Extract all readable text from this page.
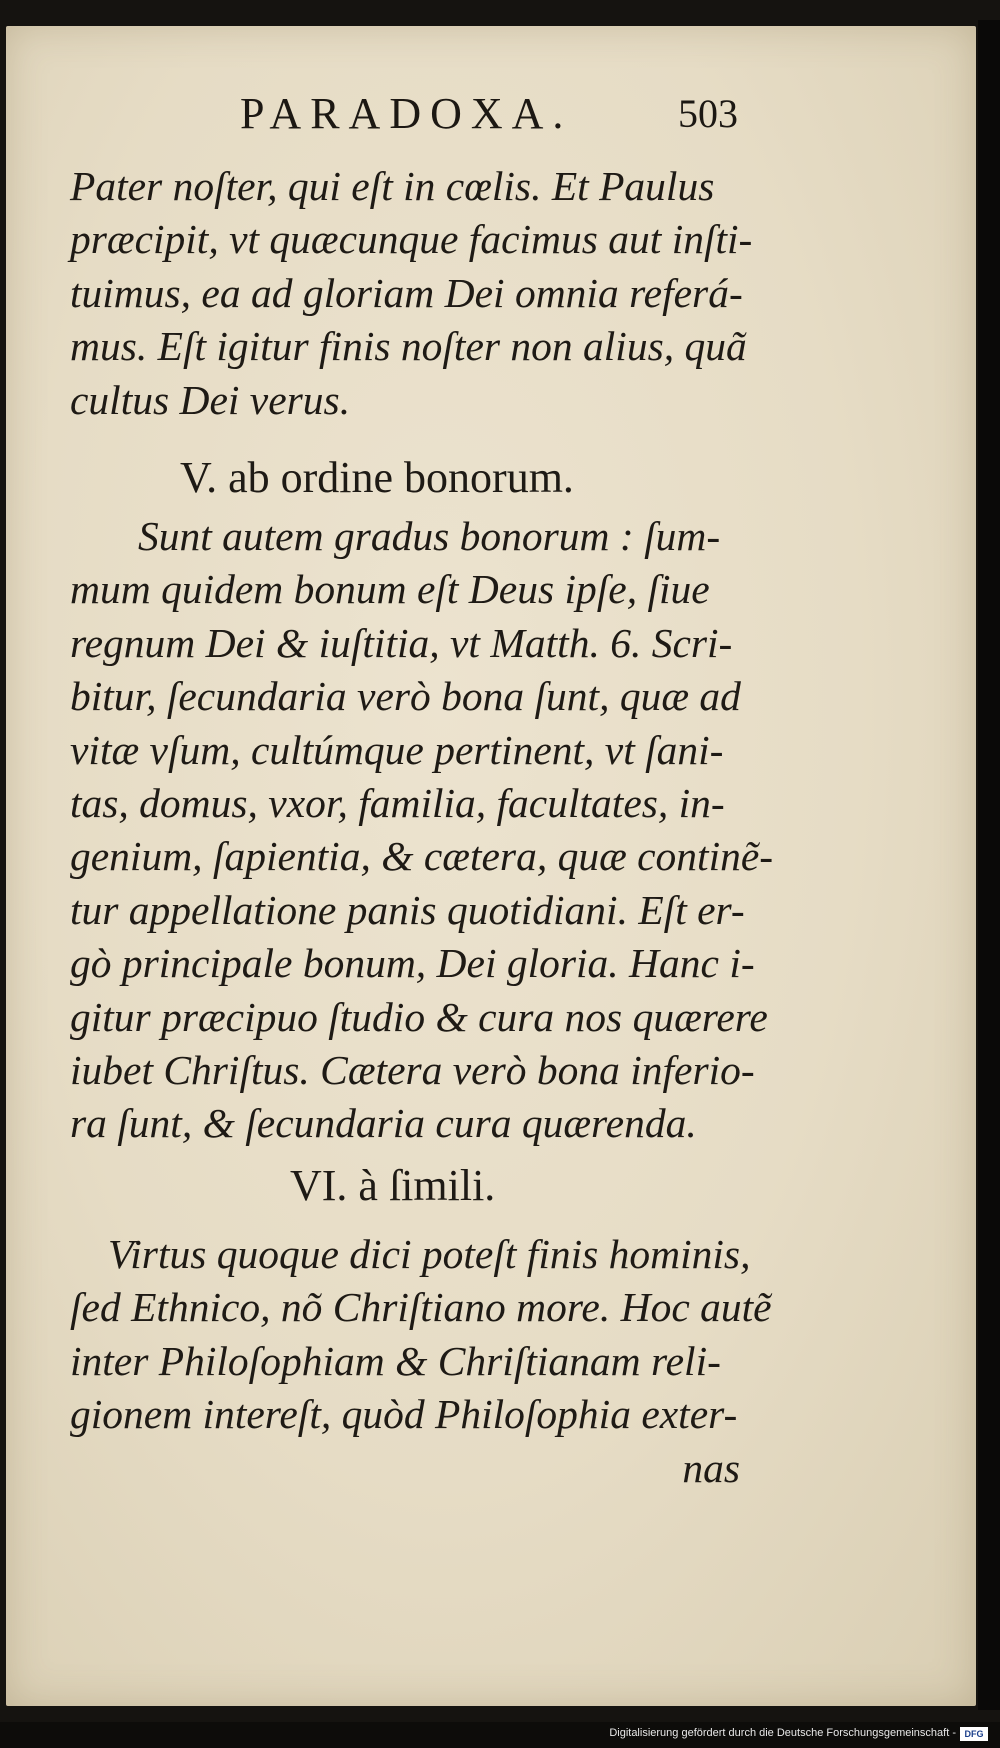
PARADOXA.	503
Pater noſter, qui eſt in cœlis. Et Paulus
præcipit, vt quæcunque facimus aut inſti-
tuimus, ea ad gloriam Dei omnia referá-
mus. Eſt igitur finis noſter non alius, quã
cultus Dei verus.
V. ab ordine bonorum.
Sunt autem gradus bonorum : ſum-
mum quidem bonum eſt Deus ipſe, ſiue
regnum Dei & iuſtitia, vt Matth. 6. Scri-
bitur, ſecundaria verò bona ſunt, quæ ad
vitæ vſum, cultúmque pertinent, vt ſani-
tas, domus, vxor, familia, facultates, in-
genium, ſapientia, & cætera, quæ continẽ-
tur appellatione panis quotidiani. Eſt er-
gò principale bonum, Dei gloria. Hanc i-
gitur præcipuo ſtudio & cura nos quærere
iubet Chriſtus. Cætera verò bona inferio-
ra ſunt, & ſecundaria cura quærenda.
VI. à ſimili.
Virtus quoque dici poteſt finis hominis,
ſed Ethnico, nõ Chriſtiano more. Hoc autẽ
inter Philoſophiam & Chriſtianam reli-
gionem intereſt, quòd Philoſophia exter-
nas
Digitalisierung gefördert durch die Deutsche Forschungsgemeinschaft - DFG
